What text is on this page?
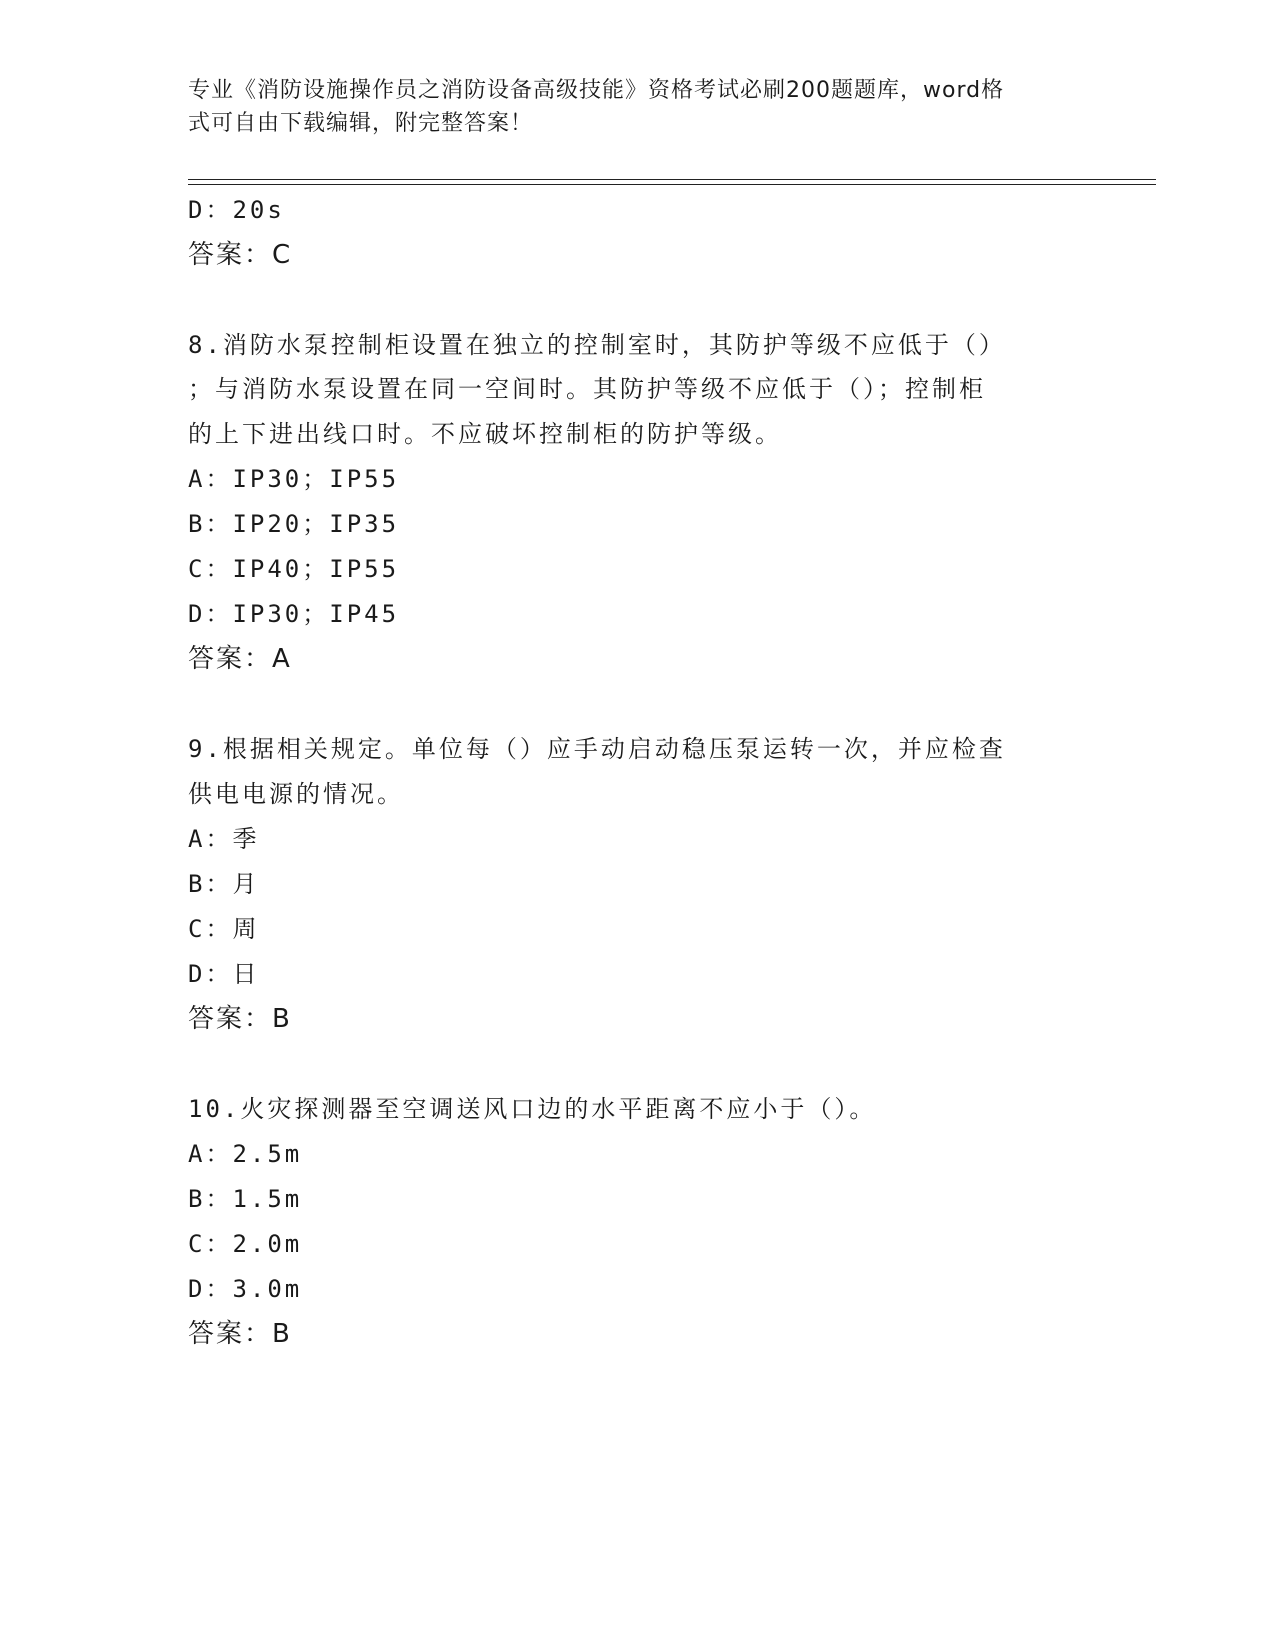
专业《消防设施操作员之消防设备高级技能》资格考试必刷200题题库，word格
式可自由下载编辑，附完整答案！
D：20s
答案：C
8.消防水泵控制柜设置在独立的控制室时，其防护等级不应低于（）
；与消防水泵设置在同一空间时。其防护等级不应低于（）；控制柜
的上下进出线口时。不应破坏控制柜的防护等级。
A：IP30；IP55
B：IP20；IP35
C：IP40；IP55
D：IP30；IP45
答案：A
9.根据相关规定。单位每（）应手动启动稳压泵运转一次，并应检查
供电电源的情况。
A：季
B：月
C：周
D：日
答案：B
10.火灾探测器至空调送风口边的水平距离不应小于（）。
A：2.5m
B：1.5m
C：2.0m
D：3.0m
答案：B
